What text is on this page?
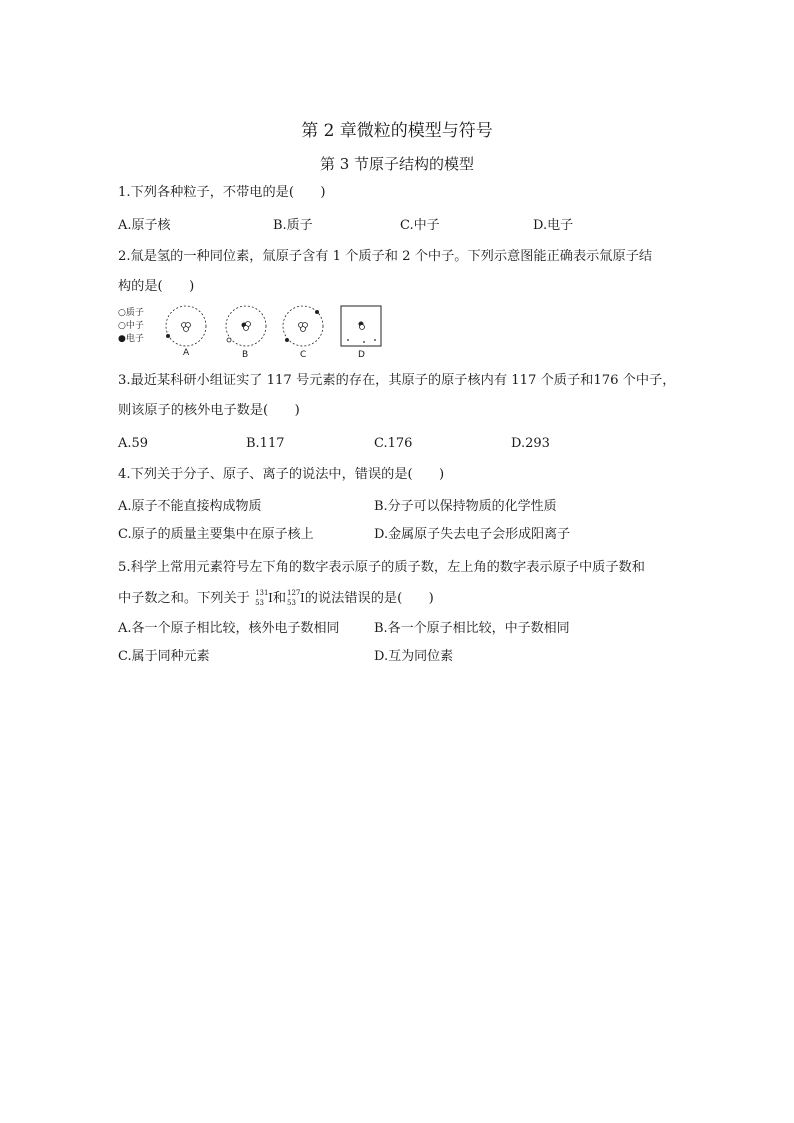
第 2 章微粒的模型与符号
第 3 节原子结构的模型
1.下列各种粒子，不带电的是(　　)
A.原子核	B.质子	C.中子	D.电子
2.氚是氢的一种同位素，氚原子含有 1 个质子和 2 个中子。下列示意图能正确表示氚原子结
构的是(　　)
○质子
○中子
●电子
A	B	C	D
3.最近某科研小组证实了 117 号元素的存在，其原子的原子核内有 117 个质子和176 个中子，
则该原子的核外电子数是(　　)
A.59	B.117	C.176	D.293
4.下列关于分子、原子、离子的说法中，错误的是(　　)
A.原子不能直接构成物质	B.分子可以保持物质的化学性质
C.原子的质量主要集中在原子核上	D.金属原子失去电子会形成阳离子
5.科学上常用元素符号左下角的数字表示原子的质子数，左上角的数字表示原子中质子数和
中子数之和。下列关于 131
53 I和 127
53 I的说法错误的是(　　)
A.各一个原子相比较，核外电子数相同	B.各一个原子相比较，中子数相同
C.属于同种元素	D.互为同位素
